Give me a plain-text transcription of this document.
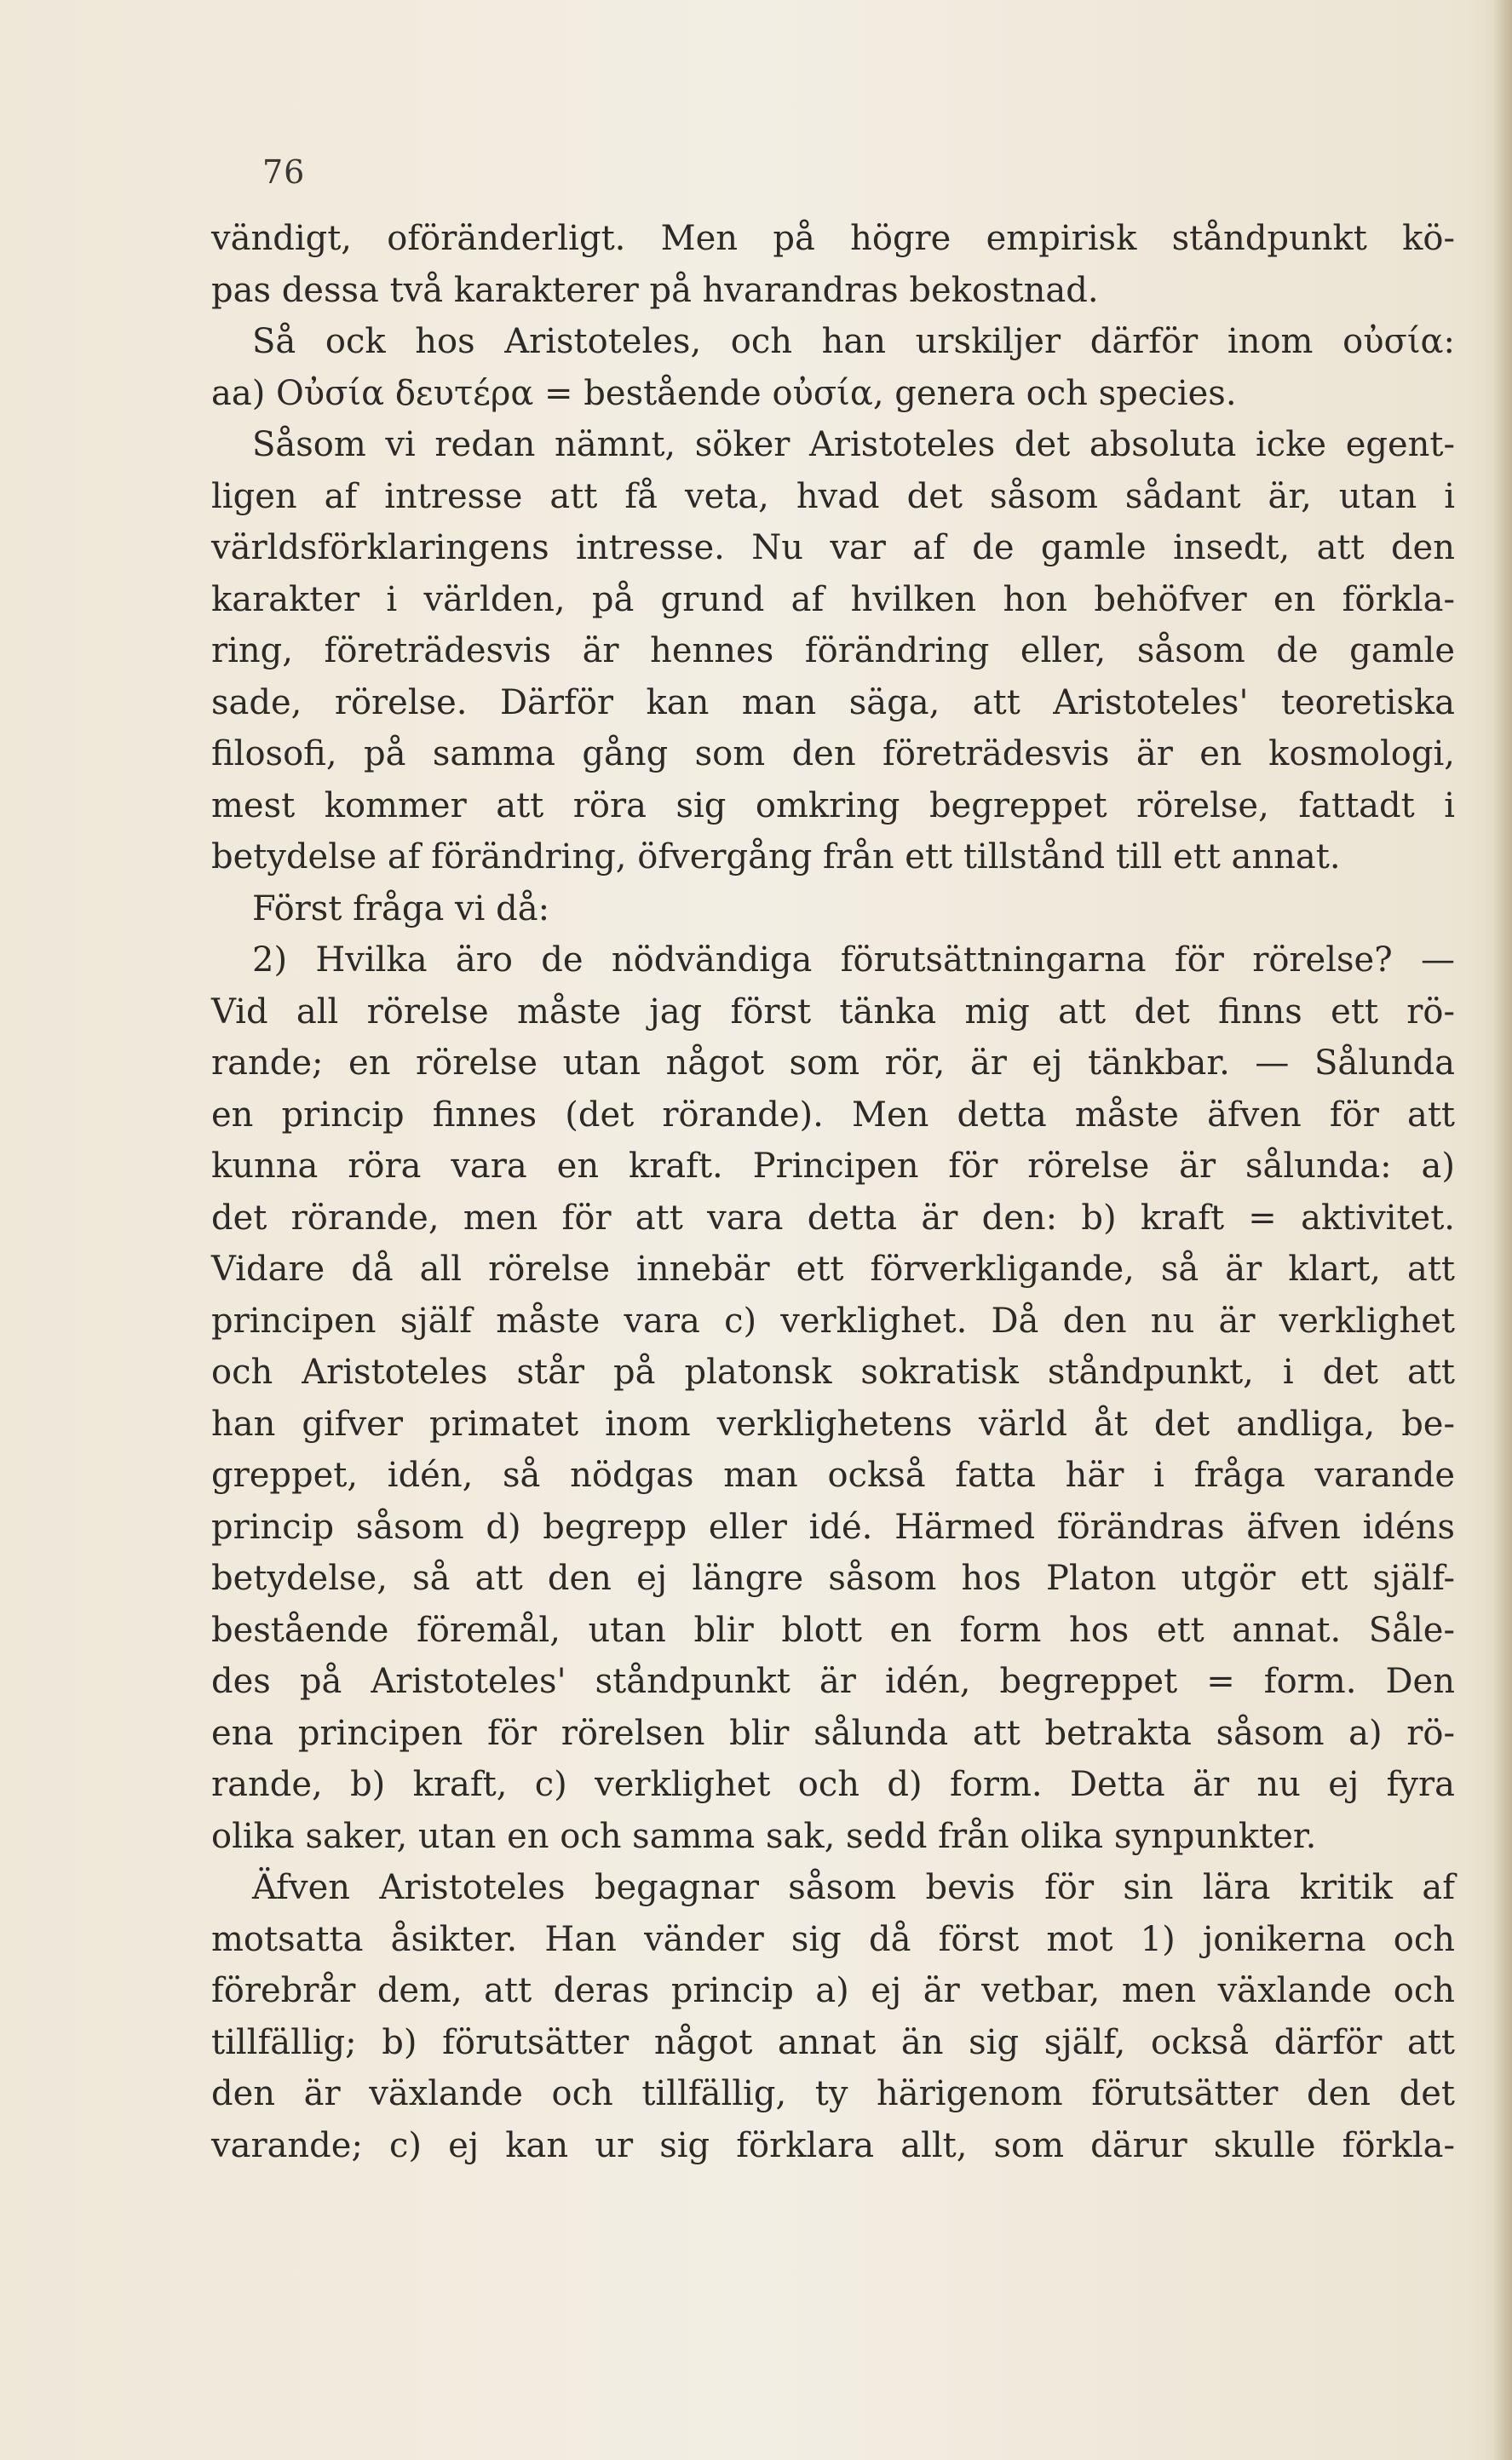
76
vändigt, oföränderligt. Men på högre empirisk ståndpunkt kö-
pas dessa två karakterer på hvarandras bekostnad.
Så ock hos Aristoteles, och han urskiljer därför inom οὐσία:
aa) Οὐσία δευτέρα = bestående οὐσία, genera och species.
Såsom vi redan nämnt, söker Aristoteles det absoluta icke egent-
ligen af intresse att få veta, hvad det såsom sådant är, utan i
världsförklaringens intresse. Nu var af de gamle insedt, att den
karakter i världen, på grund af hvilken hon behöfver en förkla-
ring, företrädesvis är hennes förändring eller, såsom de gamle
sade, rörelse. Därför kan man säga, att Aristoteles' teoretiska
filosofi, på samma gång som den företrädesvis är en kosmologi,
mest kommer att röra sig omkring begreppet rörelse, fattadt i
betydelse af förändring, öfvergång från ett tillstånd till ett annat.
Först fråga vi då:
2) Hvilka äro de nödvändiga förutsättningarna för rörelse? —
Vid all rörelse måste jag först tänka mig att det finns ett rö-
rande; en rörelse utan något som rör, är ej tänkbar. — Sålunda
en princip finnes (det rörande). Men detta måste äfven för att
kunna röra vara en kraft. Principen för rörelse är sålunda: a)
det rörande, men för att vara detta är den: b) kraft = aktivitet.
Vidare då all rörelse innebär ett förverkligande, så är klart, att
principen själf måste vara c) verklighet. Då den nu är verklighet
och Aristoteles står på platonsk sokratisk ståndpunkt, i det att
han gifver primatet inom verklighetens värld åt det andliga, be-
greppet, idén, så nödgas man också fatta här i fråga varande
princip såsom d) begrepp eller idé. Härmed förändras äfven idéns
betydelse, så att den ej längre såsom hos Platon utgör ett själf-
bestående föremål, utan blir blott en form hos ett annat. Såle-
des på Aristoteles' ståndpunkt är idén, begreppet = form. Den
ena principen för rörelsen blir sålunda att betrakta såsom a) rö-
rande, b) kraft, c) verklighet och d) form. Detta är nu ej fyra
olika saker, utan en och samma sak, sedd från olika synpunkter.
Äfven Aristoteles begagnar såsom bevis för sin lära kritik af
motsatta åsikter. Han vänder sig då först mot 1) jonikerna och
förebrår dem, att deras princip a) ej är vetbar, men växlande och
tillfällig; b) förutsätter något annat än sig själf, också därför att
den är växlande och tillfällig, ty härigenom förutsätter den det
varande; c) ej kan ur sig förklara allt, som därur skulle förkla-
